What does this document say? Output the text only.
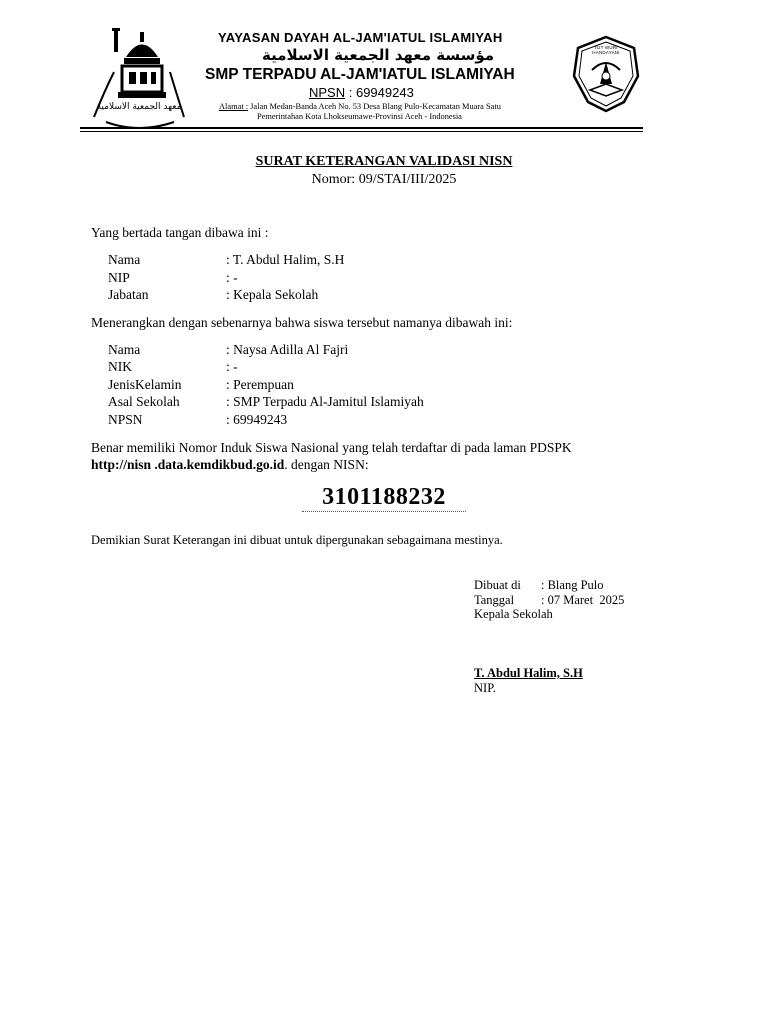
معهد الجمعية الاسلامية
YAYASAN DAYAH AL-JAM'IATUL ISLAMIYAH
مؤسسة معهد الجمعية الاسلامية
SMP TERPADU AL-JAM'IATUL ISLAMIYAH
NPSN : 69949243
Alamat : Jalan Medan-Banda Aceh No. 53 Desa Blang Pulo-Kecamatan Muara Satu
Pemerintahan Kota Lhokseumawe-Provinsi Aceh - Indonesia
TUT WURI HANDAYANI
SURAT KETERANGAN VALIDASI NISN
Nomor: 09/STAI/III/2025
Yang bertada tangan dibawa ini :
Nama	: T. Abdul Halim, S.H
NIP	: -
Jabatan	: Kepala Sekolah
Menerangkan dengan sebenarnya bahwa siswa tersebut namanya dibawah ini:
Nama	: Naysa Adilla Al Fajri
NIK	: -
JenisKelamin	: Perempuan
Asal Sekolah	: SMP Terpadu Al-Jamitul Islamiyah
NPSN	: 69949243
Benar memiliki Nomor Induk Siswa Nasional yang telah terdaftar di pada laman PDSPK
http://nisn .data.kemdikbud.go.id. dengan NISN:
3101188232
Demikian Surat Keterangan ini dibuat untuk dipergunakan sebagaimana mestinya.
Dibuat di : Blang Pulo
Tanggal : 07 Maret  2025
Kepala Sekolah
T. Abdul Halim, S.H
NIP.
